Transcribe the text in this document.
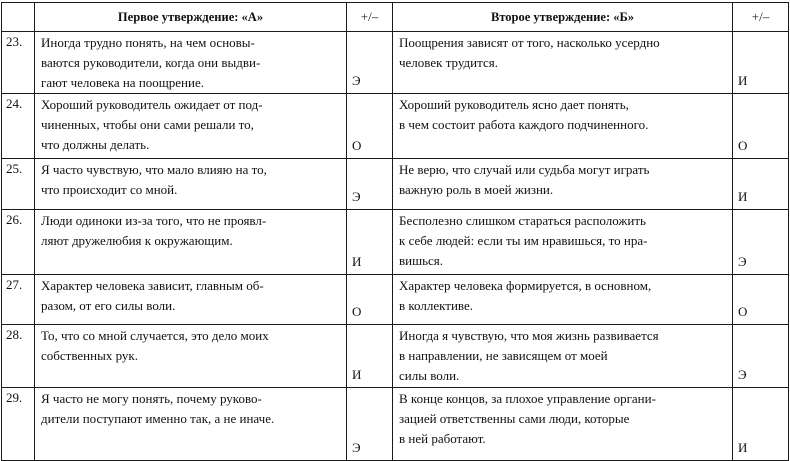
	Первое утверждение: «А»	+/–	Второе утверждение: «Б»	+/–
23.	Иногда трудно понять, на чем основы-
ваются руководители, когда они выдви-
гают человека на поощрение.	Э	Поощрения зависят от того, насколько усердно
человек трудится.	И
24.	Хороший руководитель ожидает от под-
чиненных, чтобы они сами решали то,
что должны делать.	О	Хороший руководитель ясно дает понять,
в чем состоит работа каждого подчиненного.	О
25.	Я часто чувствую, что мало влияю на то,
что происходит со мной.	Э	Не верю, что случай или судьба могут играть
важную роль в моей жизни.	И
26.	Люди одиноки из-за того, что не проявл-
ляют дружелюбия к окружающим.	И	Бесполезно слишком стараться расположить
к себе людей: если ты им нравишься, то нра-
вишься.	Э
27.	Характер человека зависит, главным об-
разом, от его силы воли.	О	Характер человека формируется, в основном,
в коллективе.	О
28.	То, что со мной случается, это дело моих
собственных рук.	И	Иногда я чувствую, что моя жизнь развивается
в направлении, не зависящем от моей
силы воли.	Э
29.	Я часто не могу понять, почему руково-
дители поступают именно так, а не иначе.	Э	В конце концов, за плохое управление органи-
зацией ответственны сами люди, которые
в ней работают.	И
